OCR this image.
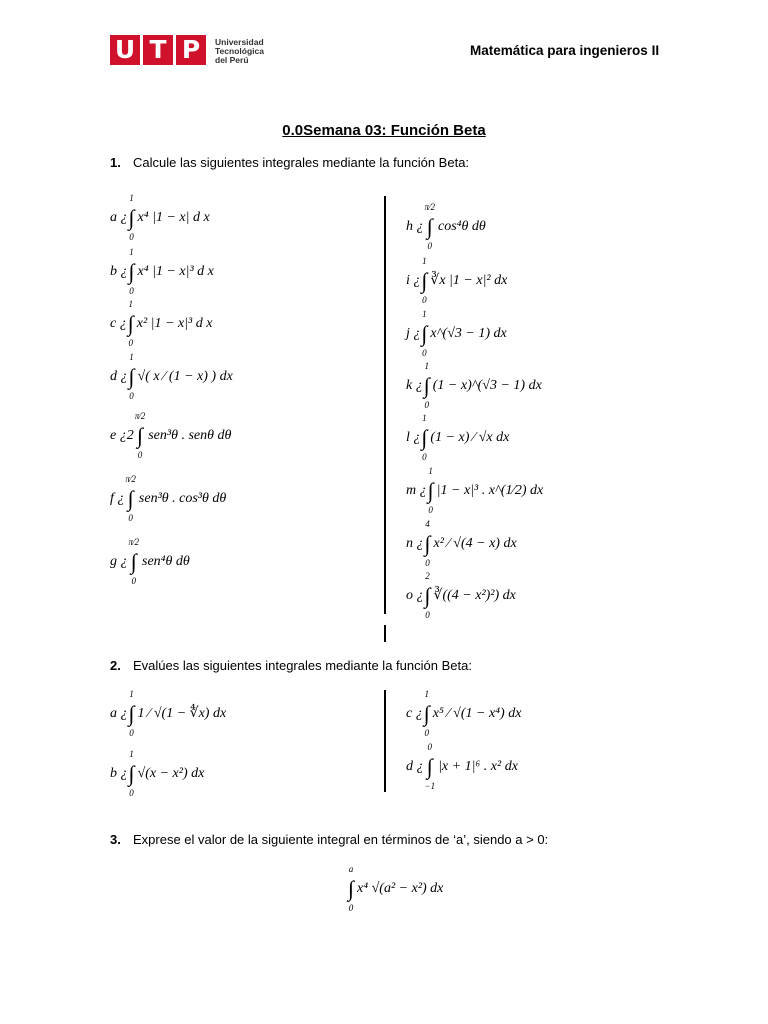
U T P	Universidad
Tecnológica
del Perú
Matemática para ingenieros II
0.0Semana 03: Función Beta
1. Calcule las siguientes integrales mediante la función Beta:
a ¿
1
∫
0
x⁴ |1 − x| d x
b ¿
1
∫
0
x⁴ |1 − x|³ d x
c ¿
1
∫
0
x² |1 − x|³ d x
d ¿
1
∫
0
√( x ⁄ (1 − x) ) dx
e ¿2
π⁄2
∫
0
sen³θ . senθ dθ
f ¿
π⁄2
∫
0
sen³θ . cos³θ dθ
g ¿
π⁄2
∫
0
sen⁴θ dθ
h ¿
π⁄2
∫
0
cos⁴θ dθ
i ¿
1
∫
0
∛x |1 − x|² dx
j ¿
1
∫
0
x^(√3 − 1) dx
k ¿
1
∫
0
(1 − x)^(√3 − 1) dx
l ¿
1
∫
0
(1 − x) ⁄ √x dx
m ¿
1
∫
0
|1 − x|³ . x^(1⁄2) dx
n ¿
4
∫
0
x² ⁄ √(4 − x) dx
o ¿
2
∫
0
∛((4 − x²)²) dx
2. Evalúes las siguientes integrales mediante la función Beta:
a ¿
1
∫
0
1 ⁄ √(1 − ∜x) dx
b ¿
1
∫
0
√(x − x²) dx
c ¿
1
∫
0
x⁵ ⁄ √(1 − x⁴) dx
d ¿
0
∫
−1
|x + 1|⁶ . x² dx
3. Exprese el valor de la siguiente integral en términos de ‘a’, siendo a > 0:
a
∫
0
x⁴ √(a² − x²) dx
